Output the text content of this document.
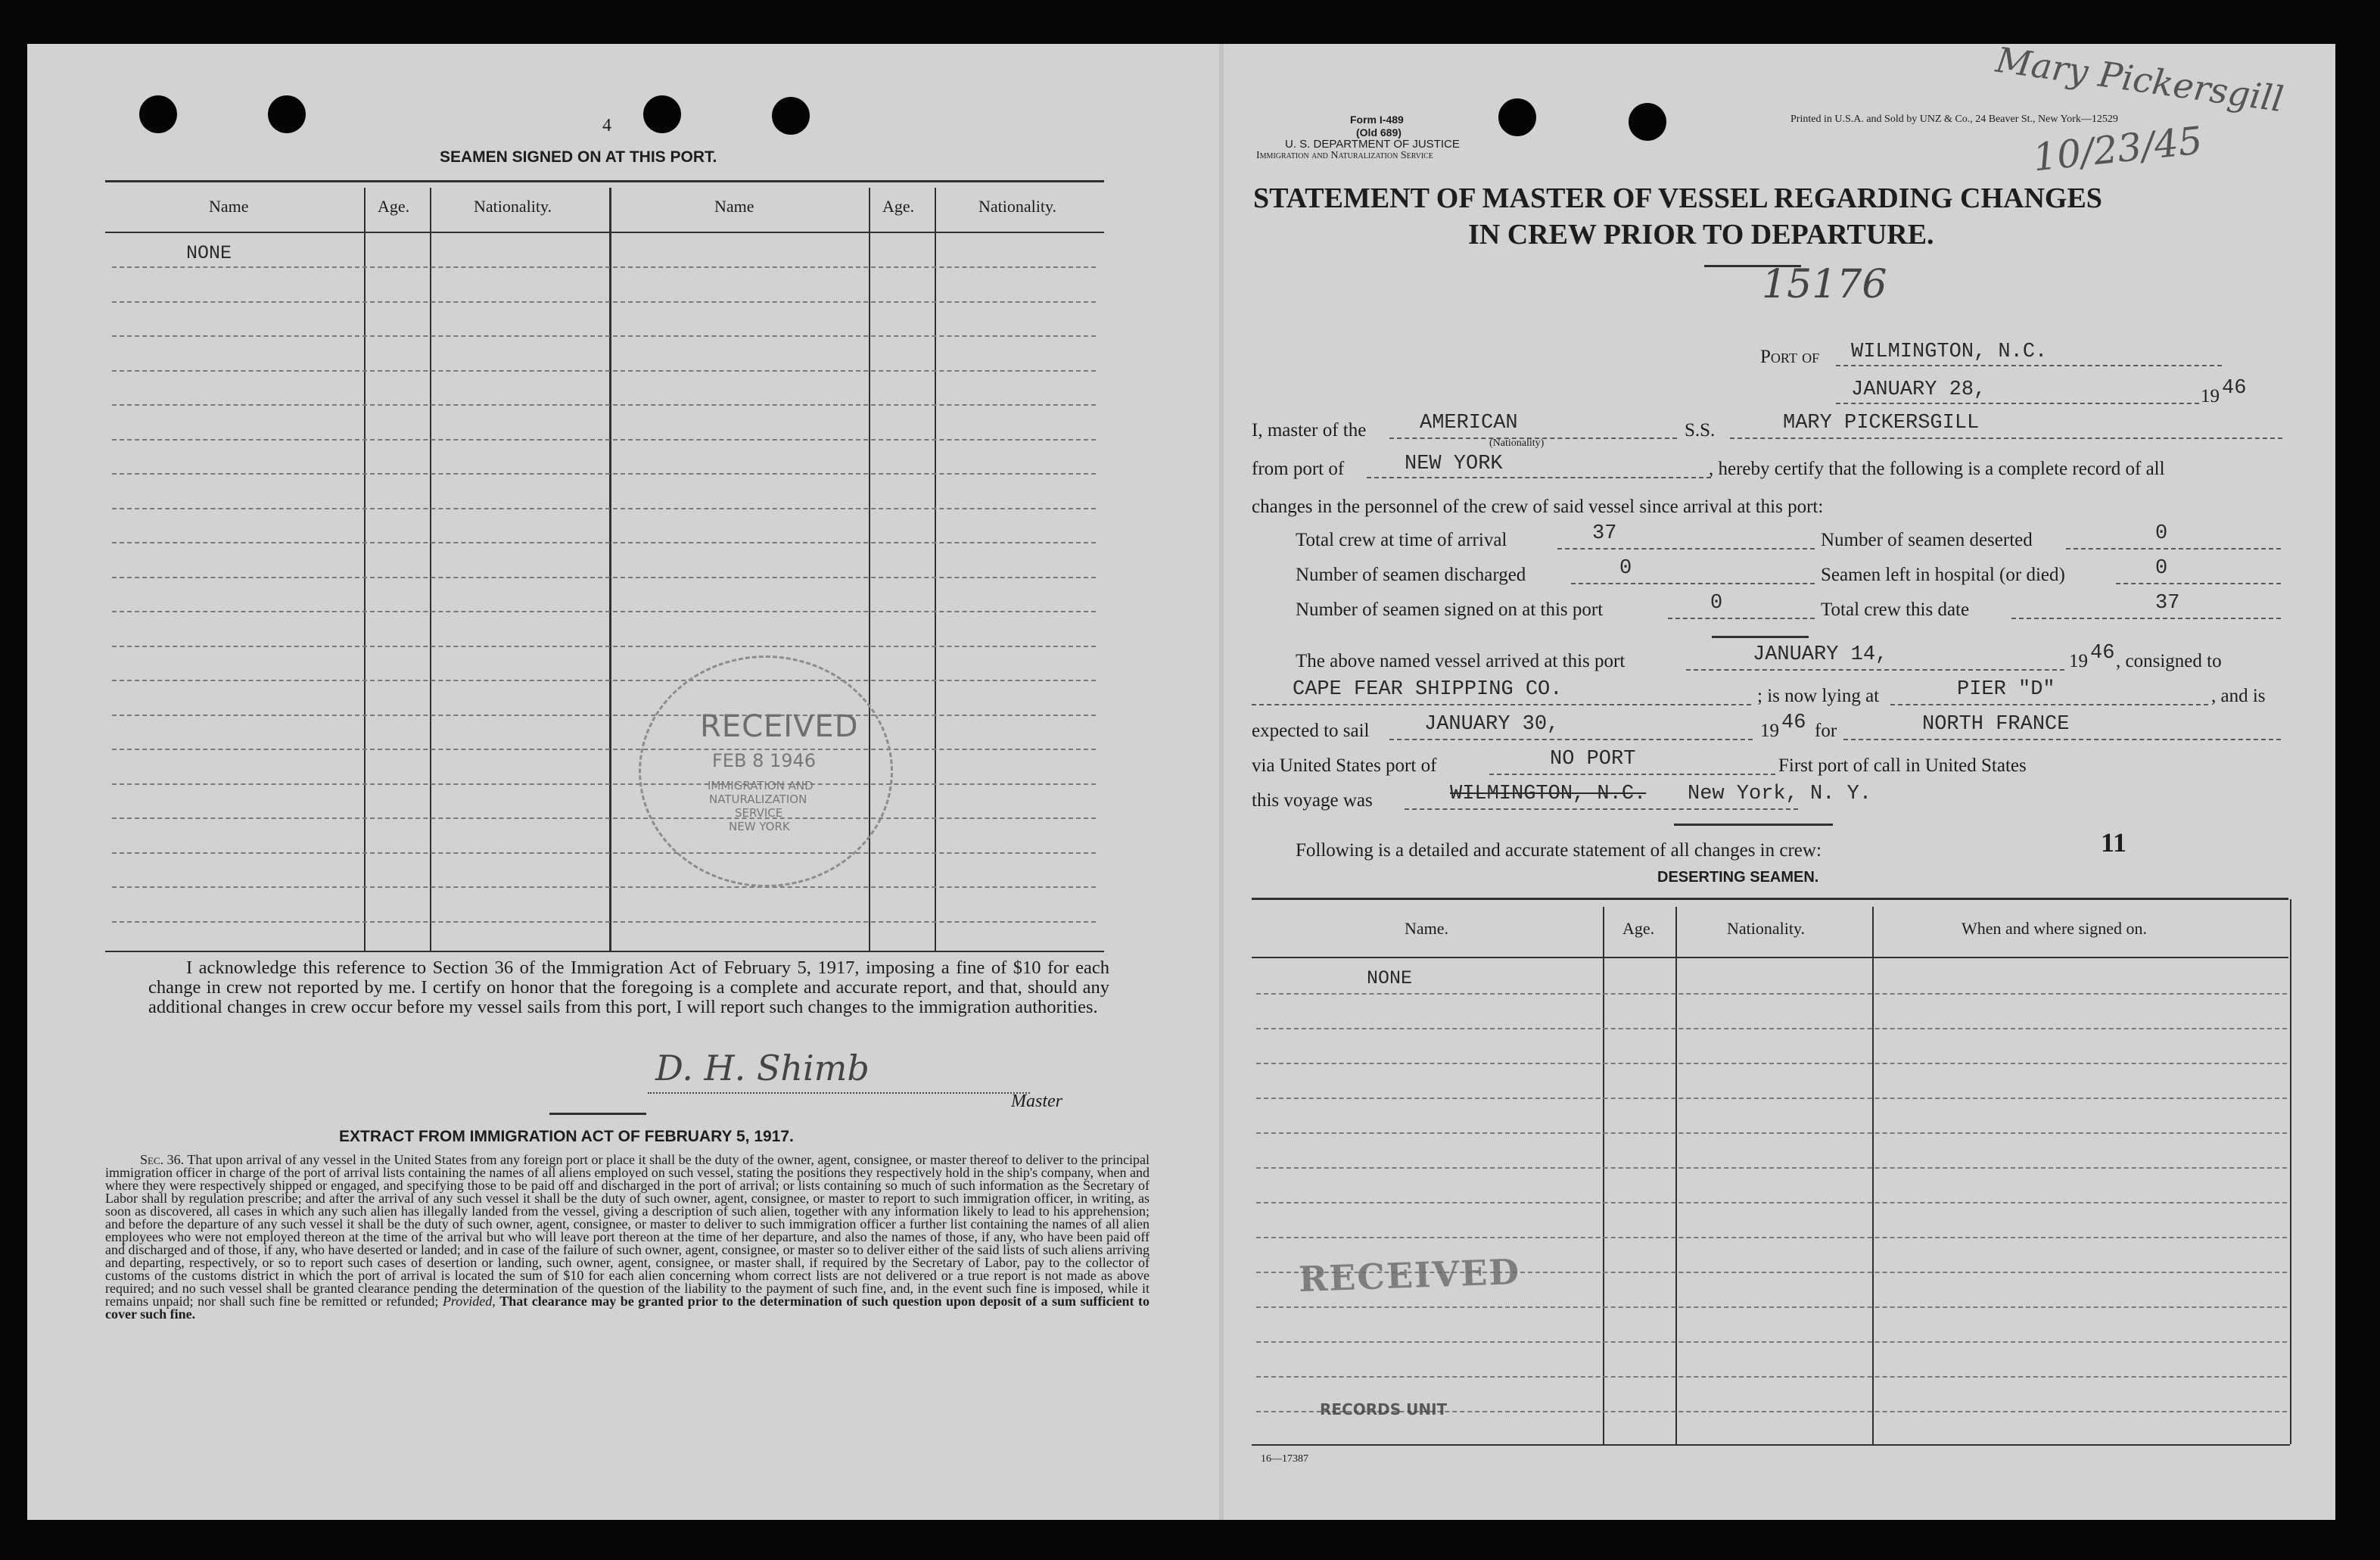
4
SEAMEN SIGNED ON AT THIS PORT.
Name	Age.	Nationality.	Name	Age.	Nationality.
NONE
RECEIVED
FEB 8 1946
IMMIGRATION AND
NATURALIZATION
SERVICE
NEW YORK
I acknowledge this reference to Section 36 of the Immigration Act of February 5, 1917, imposing a fine of $10 for each change in crew not reported by me. I certify on honor that the foregoing is a complete and accurate report, and that, should any additional changes in crew occur before my vessel sails from this port, I will report such changes to the immigration authorities.
D. H. Shimb
Master
EXTRACT FROM IMMIGRATION ACT OF FEBRUARY 5, 1917.
Sec. 36. That upon arrival of any vessel in the United States from any foreign port or place it shall be the duty of the owner, agent, consignee, or master thereof to deliver to the principal immigration officer in charge of the port of arrival lists containing the names of all aliens employed on such vessel, stating the positions they respectively hold in the ship's company, when and where they were respectively shipped or engaged, and specifying those to be paid off and discharged in the port of arrival; or lists containing so much of such information as the Secretary of Labor shall by regulation prescribe; and after the arrival of any such vessel it shall be the duty of such owner, agent, consignee, or master to report to such immigration officer, in writing, as soon as discovered, all cases in which any such alien has illegally landed from the vessel, giving a description of such alien, together with any information likely to lead to his apprehension; and before the departure of any such vessel it shall be the duty of such owner, agent, consignee, or master to deliver to such immigration officer a further list containing the names of all alien employees who were not employed thereon at the time of the arrival but who will leave port thereon at the time of her departure, and also the names of those, if any, who have been paid off and discharged and of those, if any, who have deserted or landed; and in case of the failure of such owner, agent, consignee, or master so to deliver either of the said lists of such aliens arriving and departing, respectively, or so to report such cases of desertion or landing, such owner, agent, consignee, or master shall, if required by the Secretary of Labor, pay to the collector of customs of the customs district in which the port of arrival is located the sum of $10 for each alien concerning whom correct lists are not delivered or a true report is not made as above required; and no such vessel shall be granted clearance pending the determination of the question of the liability to the payment of such fine, and, in the event such fine is imposed, while it remains unpaid; nor shall such fine be remitted or refunded; Provided, That clearance may be granted prior to the determination of such question upon deposit of a sum sufficient to cover such fine.
Form I-489
(Old 689)
U. S. DEPARTMENT OF JUSTICE
Immigration and Naturalization Service
Printed in U.S.A. and Sold by UNZ & Co., 24 Beaver St., New York—12529
Mary Pickersgill
10/23/45
STATEMENT OF MASTER OF VESSEL REGARDING CHANGES
IN CREW PRIOR TO DEPARTURE.
15176
Port of WILMINGTON, N.C.
JANUARY 28,	19 46
I, master of the	AMERICAN
(Nationality)
S.S.	MARY PICKERSGILL
from port of	NEW YORK	, hereby certify that the following is a complete record of all
changes in the personnel of the crew of said vessel since arrival at this port:
Total crew at time of arrival	37	Number of seamen deserted	0
Number of seamen discharged	0	Seamen left in hospital (or died)	0
Number of seamen signed on at this port	0	Total crew this date	37
The above named vessel arrived at this port	JANUARY 14,	19 46 , consigned to
CAPE FEAR SHIPPING CO.	; is now lying at	PIER "D"	, and is
expected to sail	JANUARY 30,	19 46 for	NORTH FRANCE
via United States port of	NO PORT	First port of call in United States
this voyage was	WILMINGTON, N.C. New York, N. Y.
Following is a detailed and accurate statement of all changes in crew:	11
DESERTING SEAMEN.
Name.	Age.	Nationality.	When and where signed on.
NONE
RECEIVED
RECORDS UNIT
16—17387
